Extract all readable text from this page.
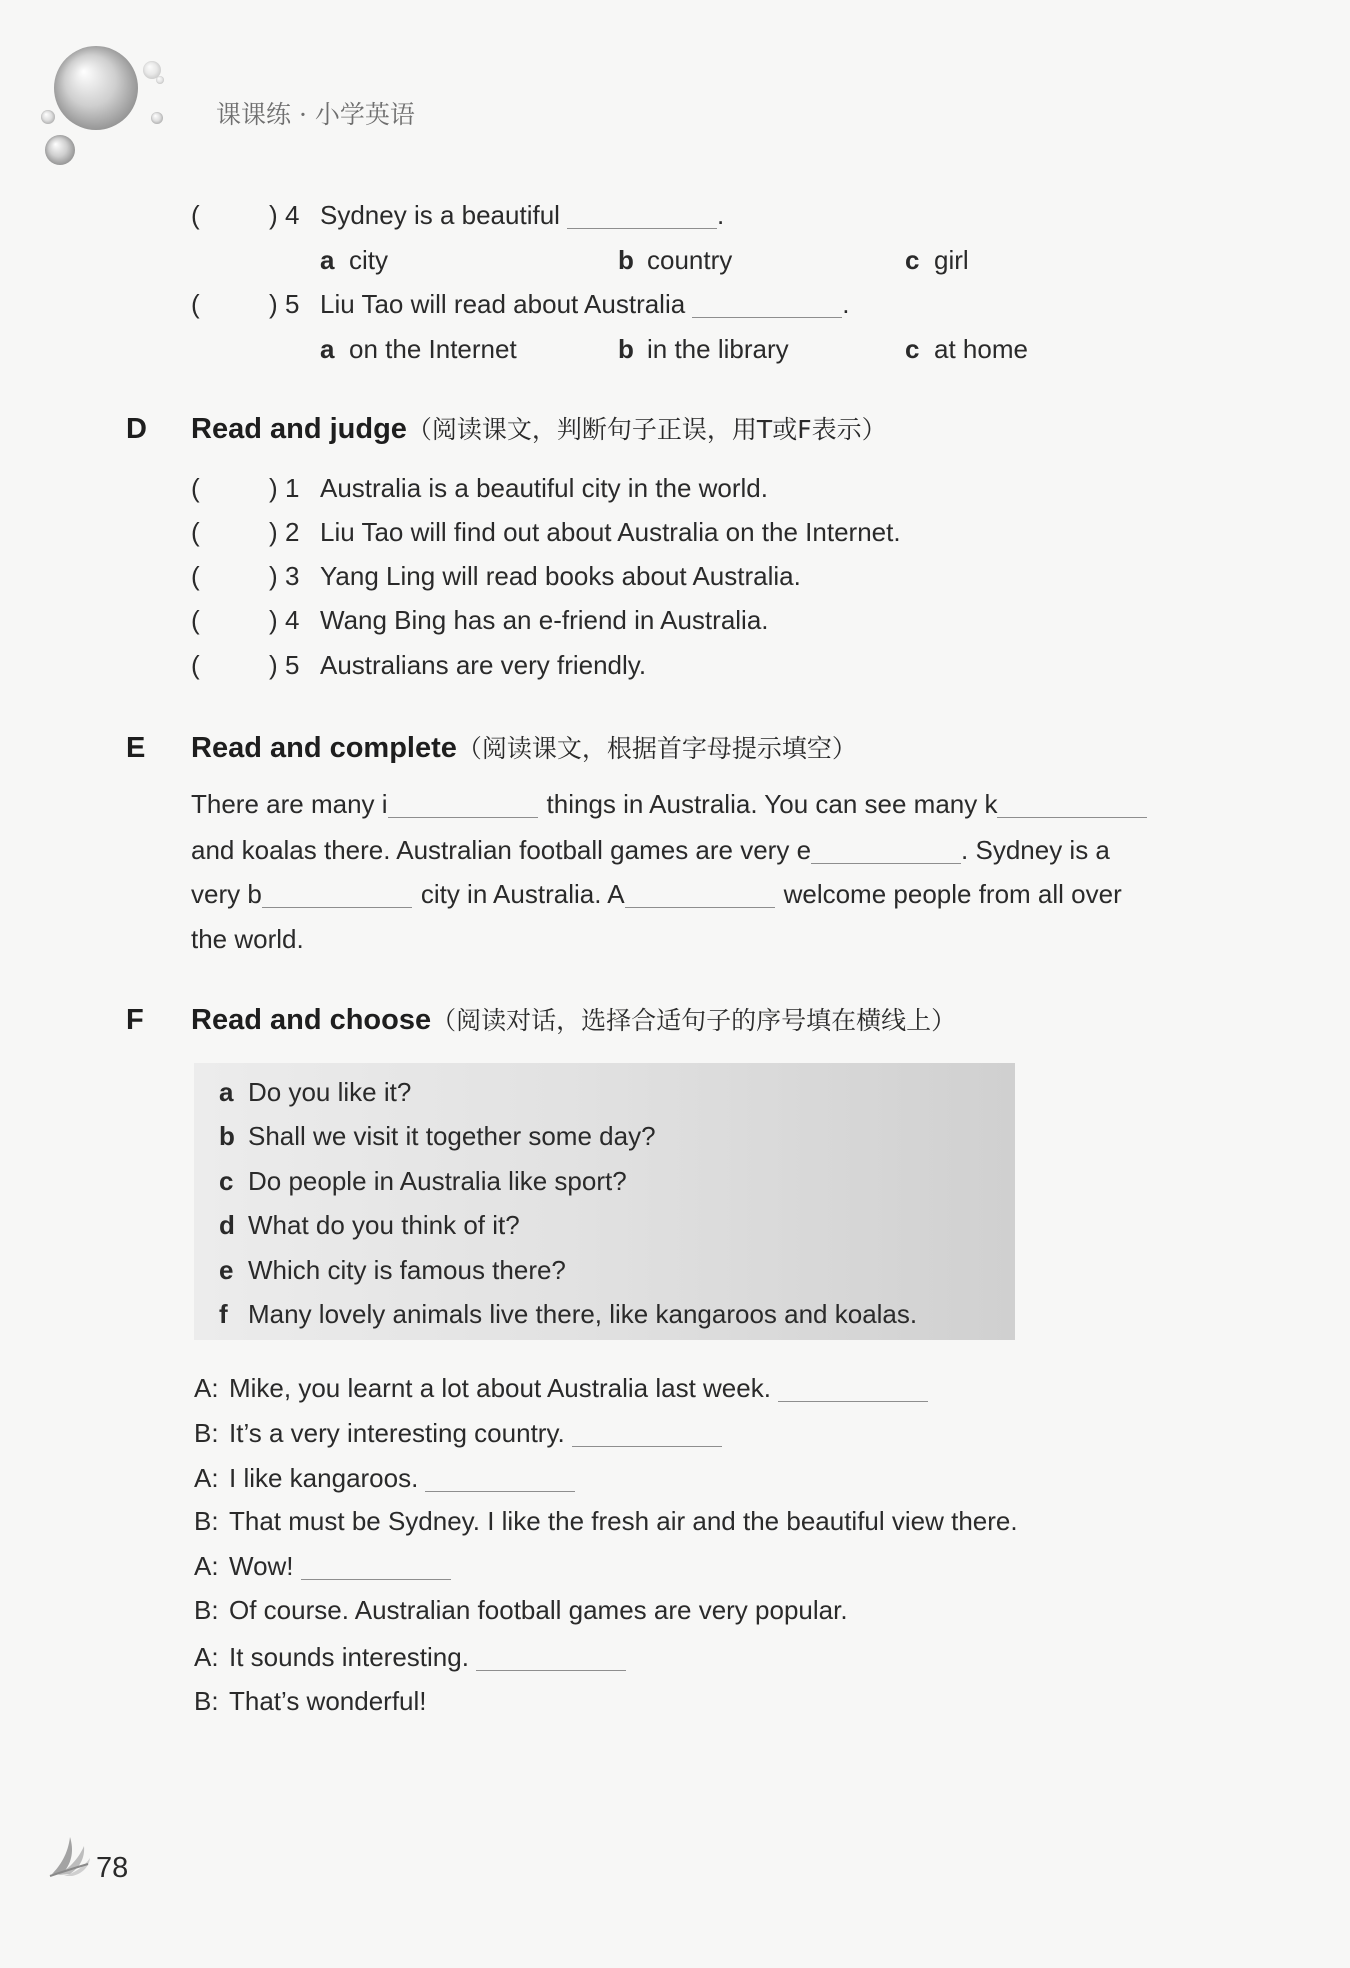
课课练 · 小学英语
(	) 4 Sydney is a beautiful	.
a city	b country	c girl
(	) 5 Liu Tao will read about Australia	.
a on the Internet	b in the library	c at home
D Read and judge（阅读课文，判断句子正误，用T或F表示）
(	) 1 Australia is a beautiful city in the world.
(	) 2 Liu Tao will find out about Australia on the Internet.
(	) 3 Yang Ling will read books about Australia.
(	) 4 Wang Bing has an e-friend in Australia.
(	) 5 Australians are very friendly.
E Read and complete（阅读课文，根据首字母提示填空）
There are many i	things in Australia. You can see many k
and koalas there. Australian football games are very e	. Sydney is a
very b	city in Australia. A	welcome people from all over
the world.
F Read and choose（阅读对话，选择合适句子的序号填在横线上）
a Do you like it?
b Shall we visit it together some day?
c Do people in Australia like sport?
d What do you think of it?
e Which city is famous there?
f Many lovely animals live there, like kangaroos and koalas.
A: Mike, you learnt a lot about Australia last week.
B: It’s a very interesting country.
A: I like kangaroos.
B: That must be Sydney. I like the fresh air and the beautiful view there.
A: Wow!
B: Of course. Australian football games are very popular.
A: It sounds interesting.
B: That’s wonderful!
78
